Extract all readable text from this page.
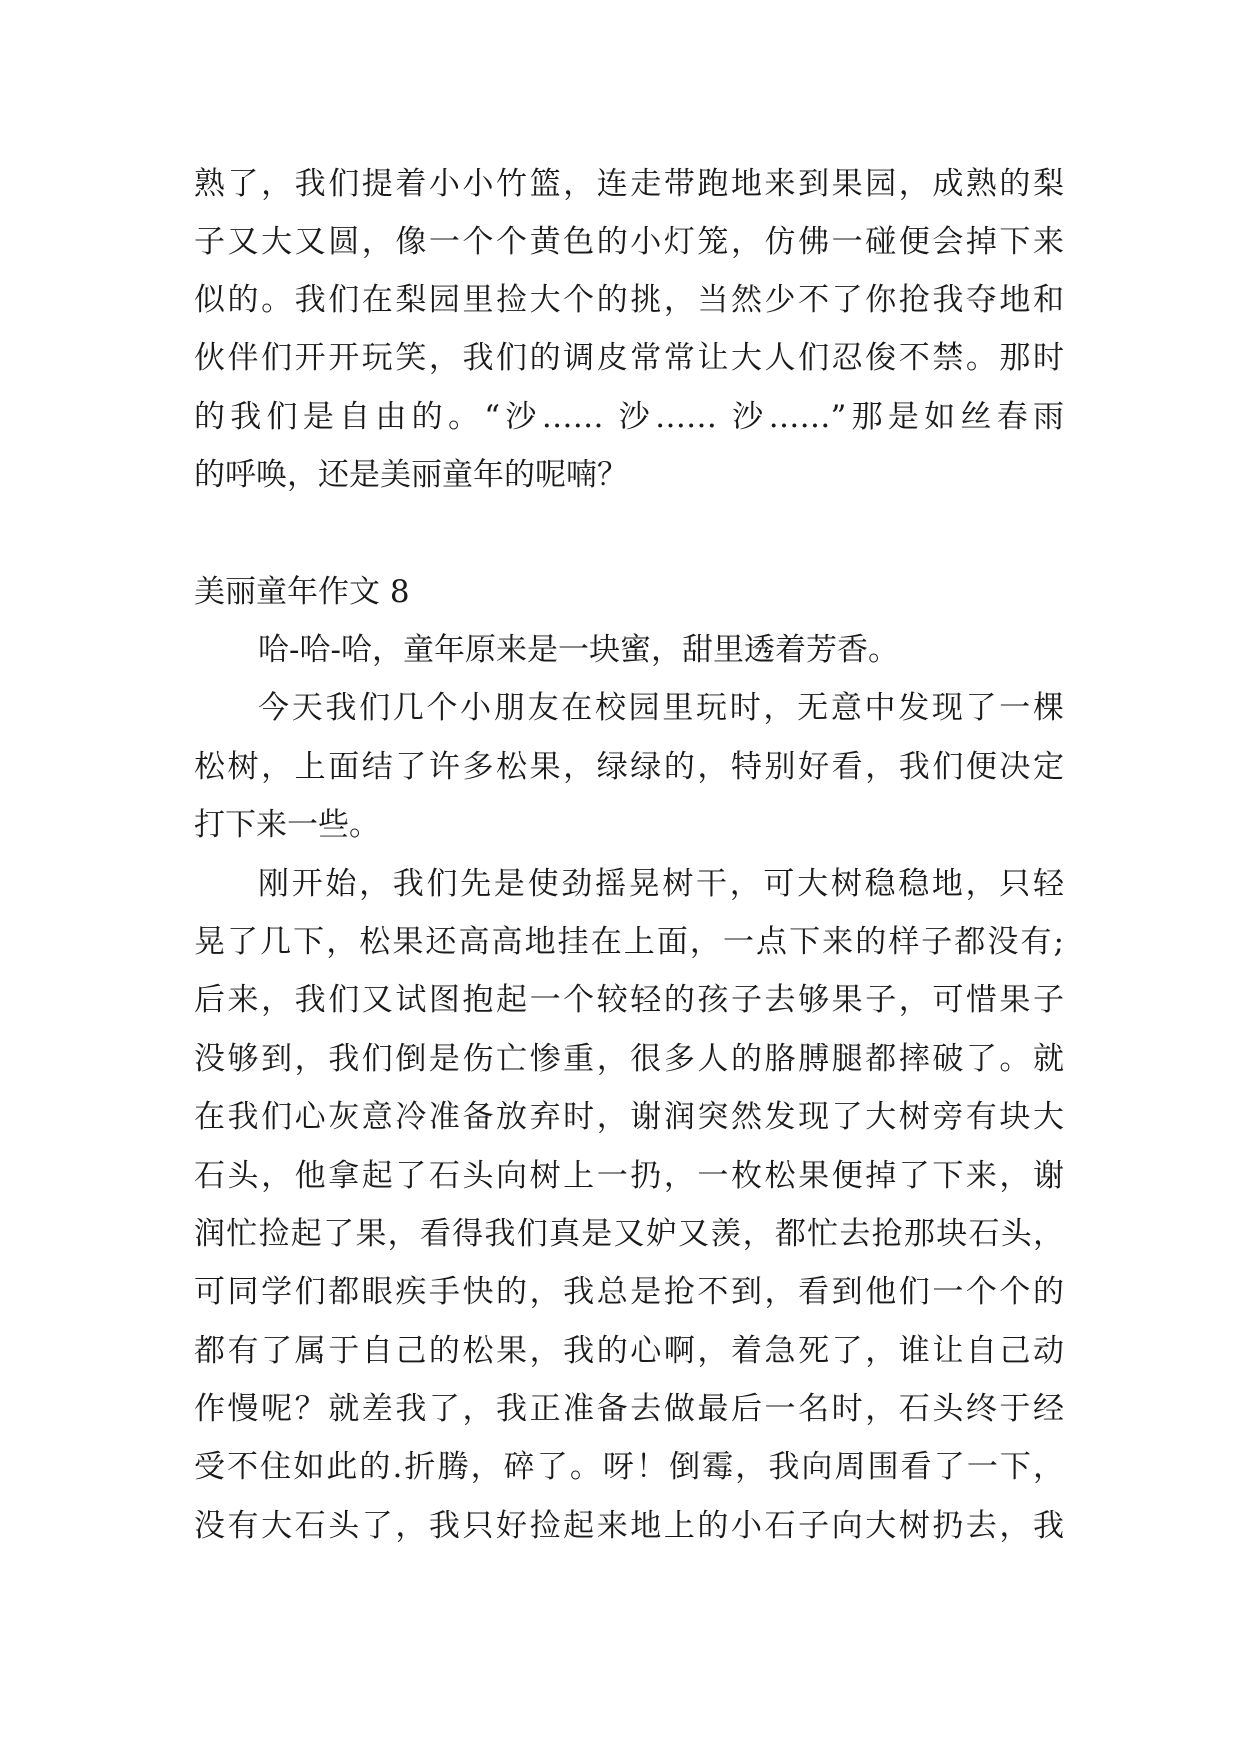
熟了，我们提着小小竹篮，连走带跑地来到果园，成熟的梨
子又大又圆，像一个个黄色的小灯笼，仿佛一碰便会掉下来
似的。我们在梨园里捡大个的挑，当然少不了你抢我夺地和
伙伴们开开玩笑，我们的调皮常常让大人们忍俊不禁。那时
的我们是自由的。“沙…… 沙…… 沙……”那是如丝春雨
的呼唤，还是美丽童年的呢喃？
美丽童年作文 8
哈-哈-哈，童年原来是一块蜜，甜里透着芳香。
今天我们几个小朋友在校园里玩时，无意中发现了一棵
松树，上面结了许多松果，绿绿的，特别好看，我们便决定
打下来一些。
刚开始，我们先是使劲摇晃树干，可大树稳稳地，只轻
晃了几下，松果还高高地挂在上面，一点下来的样子都没有;
后来，我们又试图抱起一个较轻的孩子去够果子，可惜果子
没够到，我们倒是伤亡惨重，很多人的胳膊腿都摔破了。就
在我们心灰意冷准备放弃时，谢润突然发现了大树旁有块大
石头，他拿起了石头向树上一扔，一枚松果便掉了下来，谢
润忙捡起了果，看得我们真是又妒又羡，都忙去抢那块石头，
可同学们都眼疾手快的，我总是抢不到，看到他们一个个的
都有了属于自己的松果，我的心啊，着急死了，谁让自己动
作慢呢？就差我了，我正准备去做最后一名时，石头终于经
受不住如此的.折腾，碎了。呀！倒霉，我向周围看了一下，
没有大石头了，我只好捡起来地上的小石子向大树扔去，我
